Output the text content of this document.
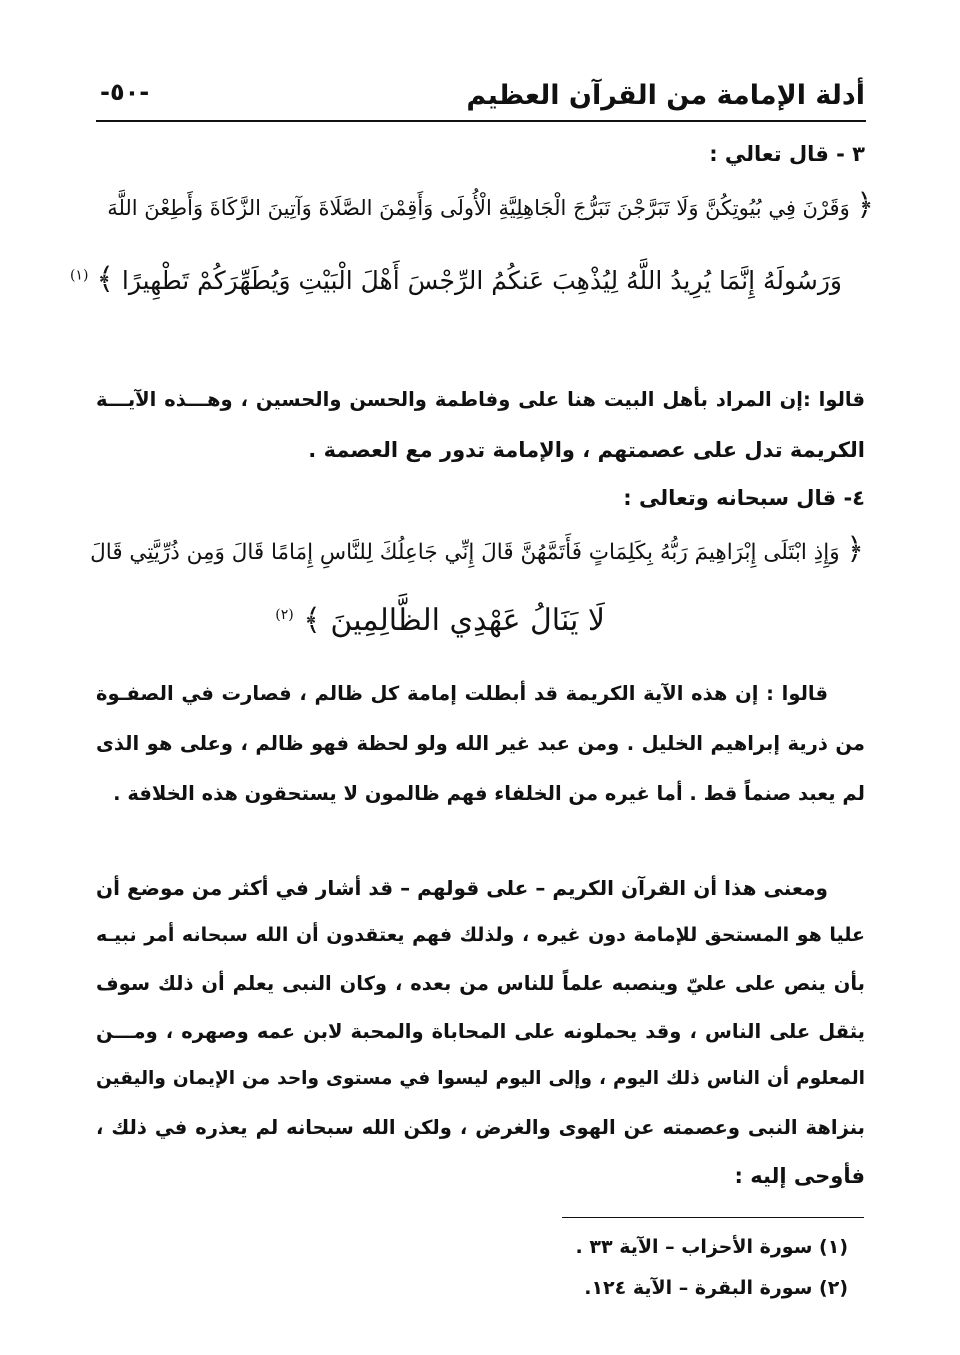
أدلة الإمامة من القرآن العظيم
-٥٠-
٣ - قال تعالي :
﴿ وَقَرْنَ فِي بُيُوتِكُنَّ وَلَا تَبَرَّجْنَ تَبَرُّجَ الْجَاهِلِيَّةِ الْأُولَى وَأَقِمْنَ الصَّلَاةَ وَآتِينَ الزَّكَاةَ وَأَطِعْنَ اللَّهَ
وَرَسُولَهُ إِنَّمَا يُرِيدُ اللَّهُ لِيُذْهِبَ عَنكُمُ الرِّجْسَ أَهْلَ الْبَيْتِ وَيُطَهِّرَكُمْ تَطْهِيرًا ﴾ $^{(١)}$
قالوا :إن المراد بأهل البيت هنا على وفاطمة والحسن والحسين ، وهـــذه الآيـــة
الكريمة تدل على عصمتهم ، والإمامة تدور مع العصمة .
٤- قال سبحانه وتعالى :
﴿ وَإِذِ ابْتَلَى إِبْرَاهِيمَ رَبُّهُ بِكَلِمَاتٍ فَأَتَمَّهُنَّ قَالَ إِنِّي جَاعِلُكَ لِلنَّاسِ إِمَامًا قَالَ وَمِن ذُرِّيَّتِي قَالَ
لَا يَنَالُ عَهْدِي الظَّالِمِينَ ﴾ $^{(٢)}$
قالوا : إن هذه الآية الكريمة قد أبطلت إمامة كل ظالم ، فصارت في الصفـوة
من ذرية إبراهيم الخليل . ومن عبد غير الله ولو لحظة فهو ظالم ، وعلى هو الذى
لم يعبد صنماً قط . أما غيره من الخلفاء فهم ظالمون لا يستحقون هذه الخلافة .
ومعنى هذا أن القرآن الكريم – على قولهم – قد أشار في أكثر من موضع أن
عليا هو المستحق للإمامة دون غيره ، ولذلك فهم يعتقدون أن الله سبحانه أمر نبيـه
بأن ينص على عليّ وينصبه علماً للناس من بعده ، وكان النبى يعلم أن ذلك سوف
يثقل على الناس ، وقد يحملونه على المحاباة والمحبة لابن عمه وصهره ، ومـــن
المعلوم أن الناس ذلك اليوم ، وإلى اليوم ليسوا في مستوى واحد من الإيمان واليقين
بنزاهة النبى وعصمته عن الهوى والغرض ، ولكن الله سبحانه لم يعذره في ذلك ،
فأوحى إليه :
(١) سورة الأحزاب – الآية ٣٣ .
(٢) سورة البقرة – الآية ١٢٤.
